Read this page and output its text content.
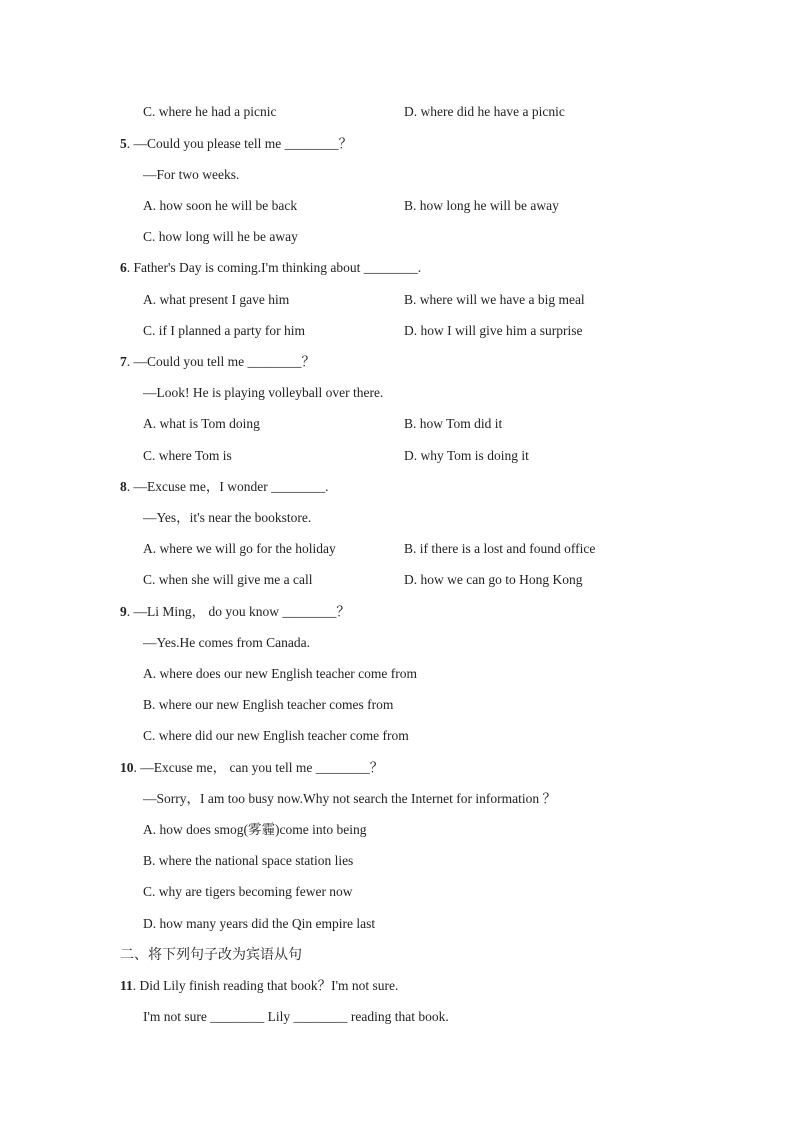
C. where he had a picnic	D. where did he have a picnic
5. —Could you please tell me ________？
—For two weeks.
A. how soon he will be back	B. how long he will be away
C. how long will he be away
6. Father's Day is coming.I'm thinking about ________.
A. what present I gave him	B. where will we have a big meal
C. if I planned a party for him	D. how I will give him a surprise
7. —Could you tell me ________？
—Look! He is playing volleyball over there.
A. what is Tom doing	B. how Tom did it
C. where Tom is	D. why Tom is doing it
8. —Excuse me，I wonder ________.
—Yes，it's near the bookstore.
A. where we will go for the holiday	B. if there is a lost and found office
C. when she will give me a call	D. how we can go to Hong Kong
9. —Li Ming， do you know ________？
—Yes.He comes from Canada.
A. where does our new English teacher come from
B. where our new English teacher comes from
C. where did our new English teacher come from
10. —Excuse me， can you tell me ________？
—Sorry，I am too busy now.Why not search the Internet for information ？
A. how does smog(雾霾)come into being
B. where the national space station lies
C. why are tigers becoming fewer now
D. how many years did the Qin empire last
二、将下列句子改为宾语从句
11. Did Lily finish reading that book？I'm not sure.
I'm not sure ________ Lily ________ reading that book.
